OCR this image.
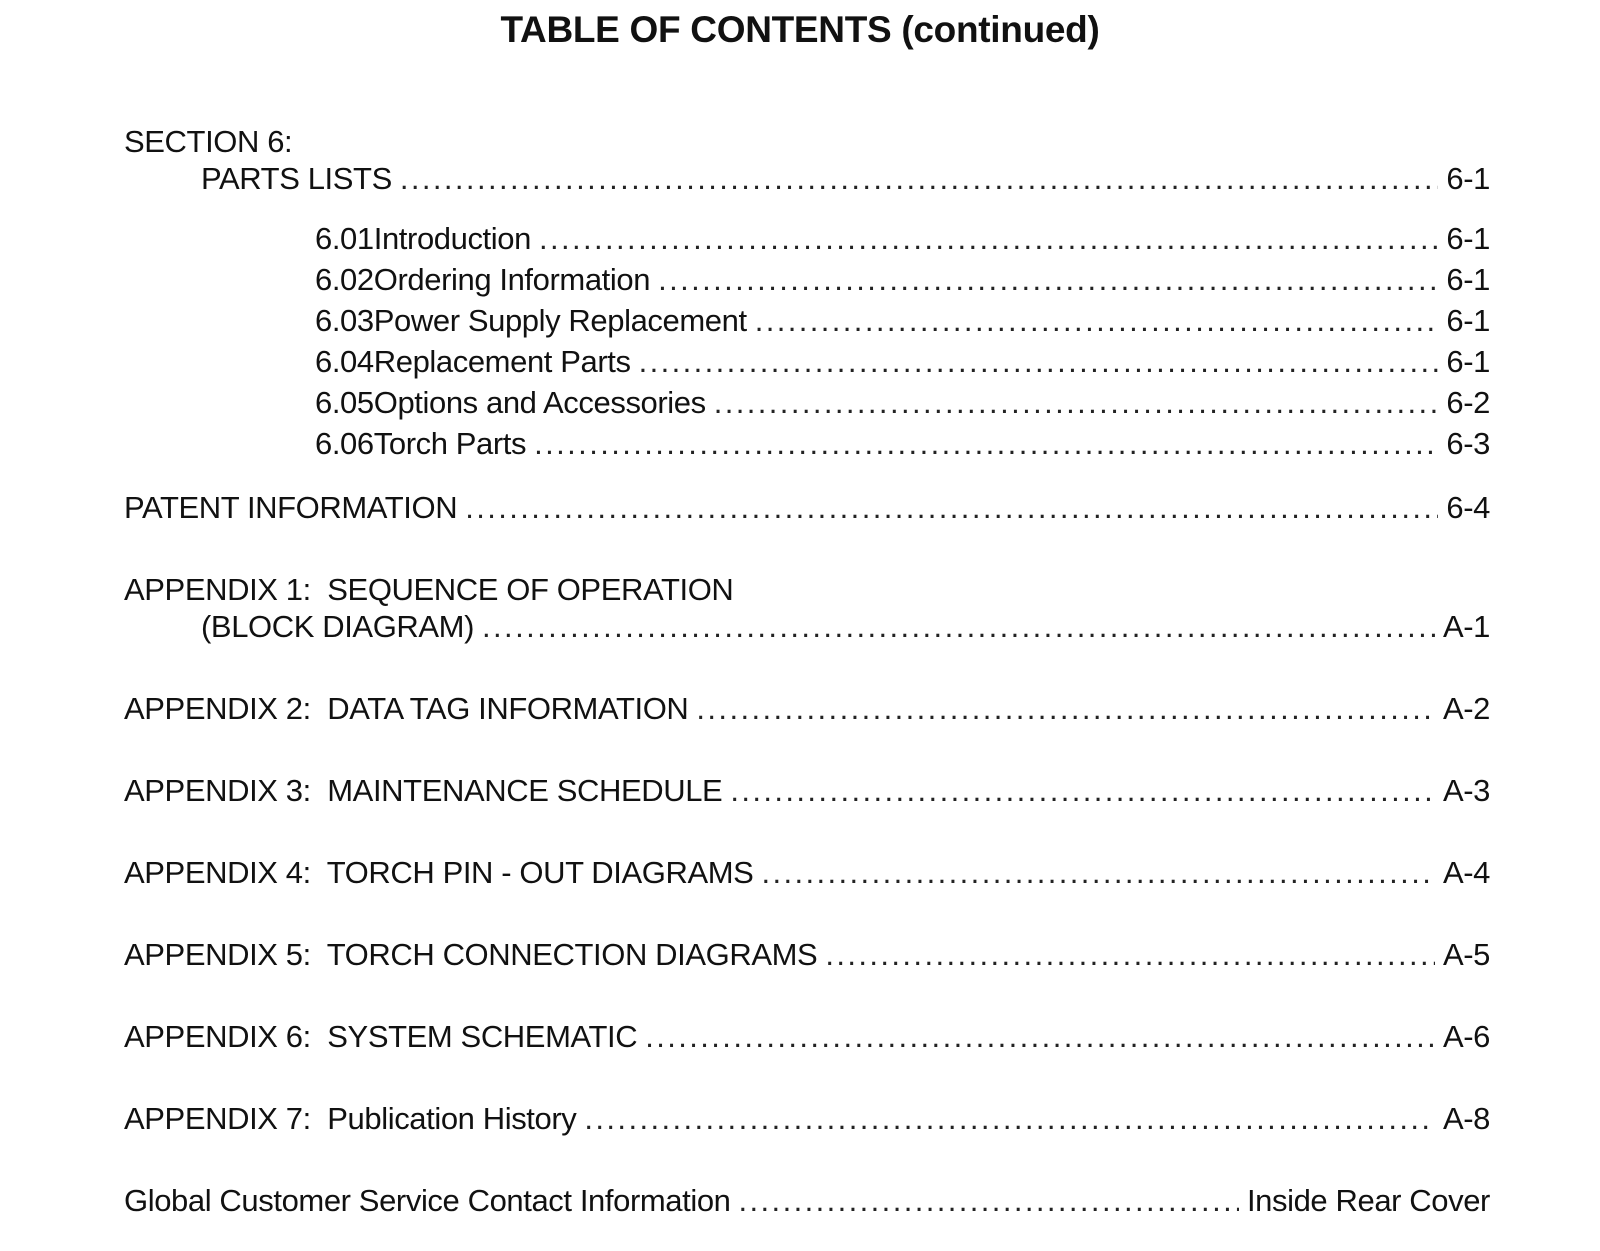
TABLE OF CONTENTS (continued)
SECTION 6:
PARTS LISTS .....	6-1
6.01 Introduction .....	6-1
6.02 Ordering Information .....	6-1
6.03 Power Supply Replacement .....	6-1
6.04 Replacement Parts .....	6-1
6.05 Options and Accessories .....	6-2
6.06 Torch Parts .....	6-3
PATENT INFORMATION .....	6-4
APPENDIX 1:  SEQUENCE OF OPERATION
(BLOCK DIAGRAM) .....	A-1
APPENDIX 2:  DATA TAG INFORMATION .....	A-2
APPENDIX 3:  MAINTENANCE SCHEDULE .....	A-3
APPENDIX 4:  TORCH PIN - OUT DIAGRAMS .....	A-4
APPENDIX 5:  TORCH CONNECTION DIAGRAMS .....	A-5
APPENDIX 6:  SYSTEM SCHEMATIC .....	A-6
APPENDIX 7:  Publication History .....	A-8
Global Customer Service Contact Information .....	Inside Rear Cover
